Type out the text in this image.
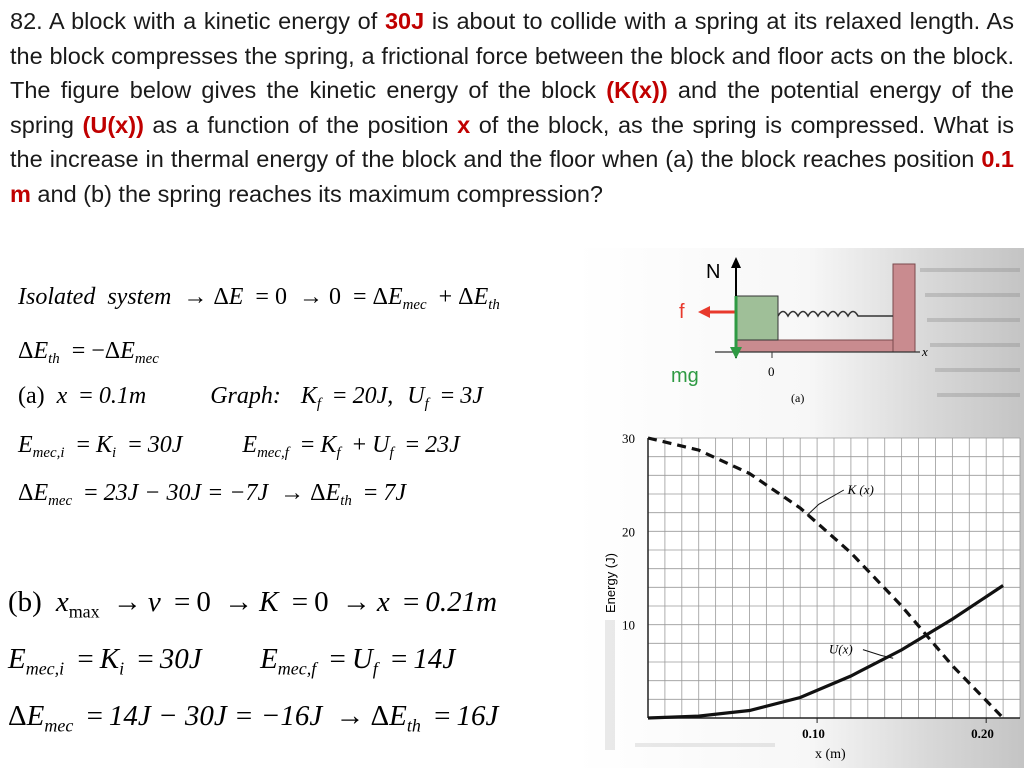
82. A block with a kinetic energy of 30J is about to collide with a spring at its relaxed length. As the block compresses the spring, a frictional force between the block and floor acts on the block. The figure below gives the kinetic energy of the block (K(x)) and the potential energy of the spring (U(x)) as a function of the position x of the block, as the spring is compressed. What is the increase in thermal energy of the block and the floor when (a) the block reaches position 0.1 m and (b) the spring reaches its maximum compression?

Isolated system → $\Delta E = 0 \to 0 = \Delta E_{mec} + \Delta E_{th}$
$\Delta E_{th} = -\Delta E_{mec}$
(a) x = 0.1m	Graph: $K_f = 20J$, $U_f = 3J$
$E_{mec,i} = K_i = 30J$	$E_{mec,f} = K_f + U_f = 23J$
$\Delta E_{mec} = 23J - 30J = -7J \to \Delta E_{th} = 7J$
(b) $x_{max} \to v = 0 \to K = 0 \to x = 0.21m$
$E_{mec,i} = K_i = 30J$ $E_{mec,f} = U_f = 14J$
$\Delta E_{mec} = 14J - 30J = -16J \to \Delta E_{th} = 16J$
x
0
(a)
N
f
mg
10
20
30
0.10	0.20
K (x)
U(x)
x (m)
Energy (J)
